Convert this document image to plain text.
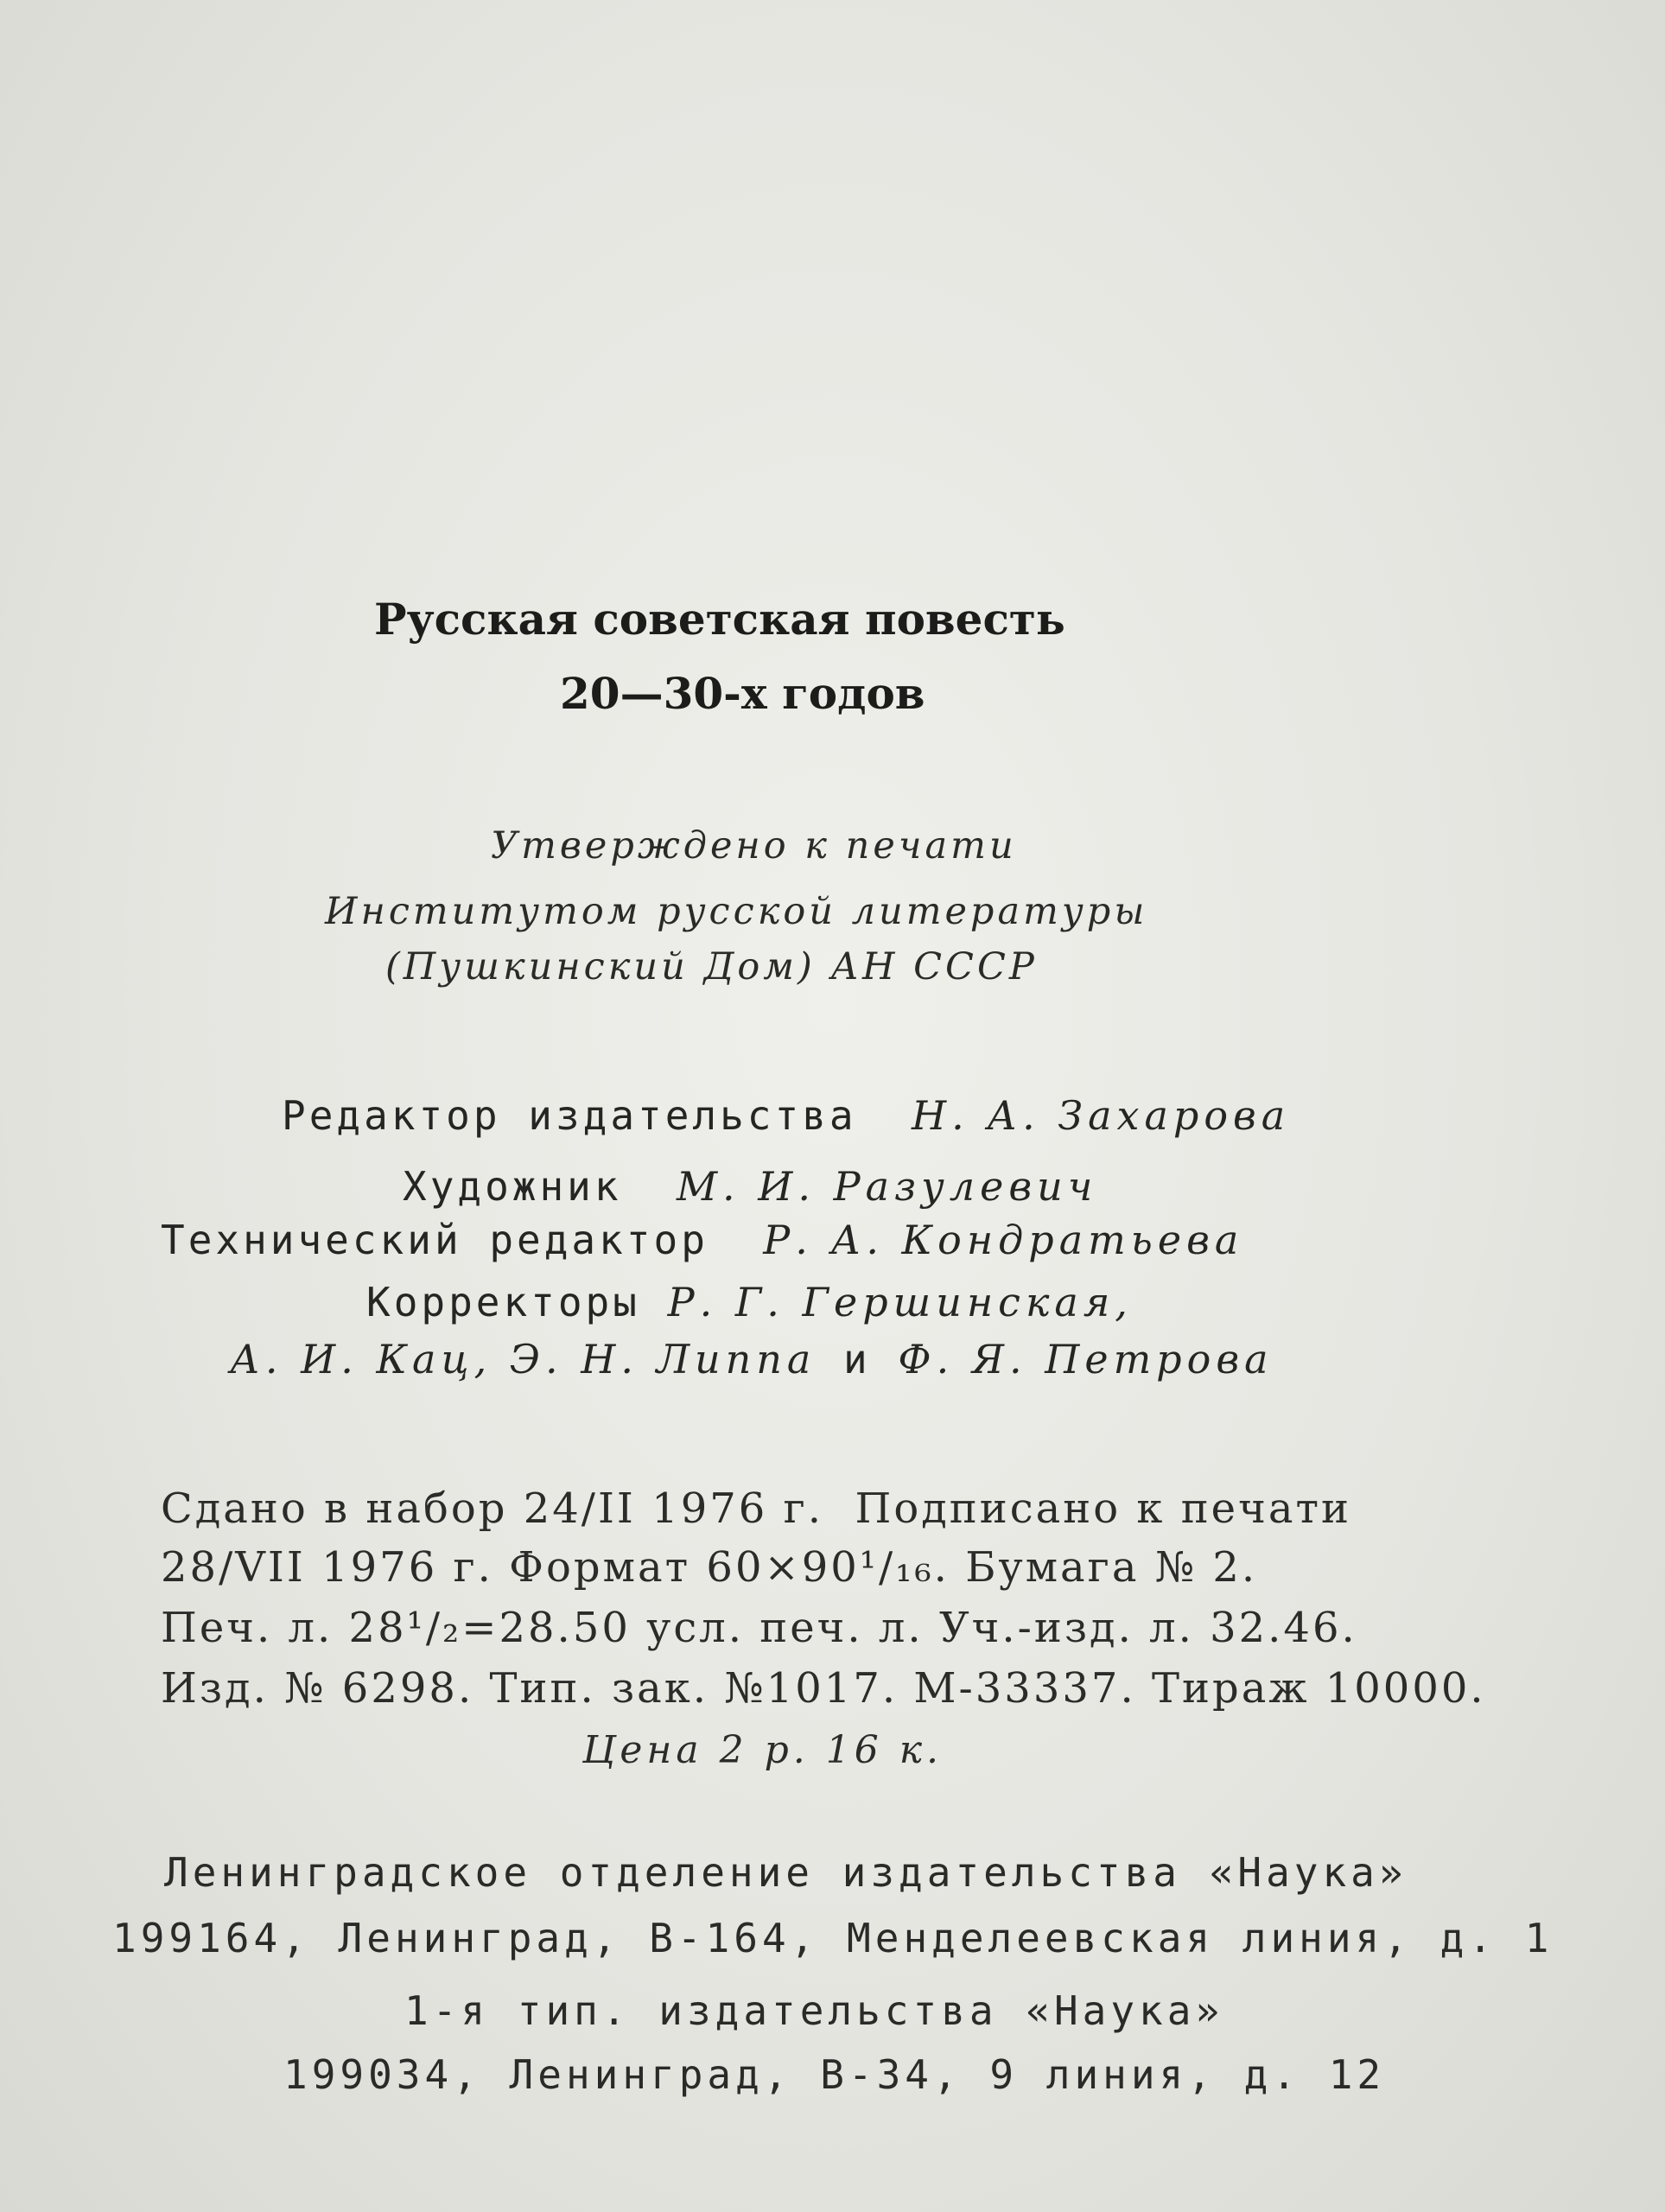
Русская советская повесть
20—30-х годов
Утверждено к печати
Институтом русской литературы
(Пушкинский Дом) АН СССР
Редактор издательства Н. А. Захарова
Художник М. И. Разулевич
Технический редактор Р. А. Кондратьева
Корректоры Р. Г. Гершинская,
А. И. Кац, Э. Н. Липпа и Ф. Я. Петрова
Сдано в набор 24/II 1976 г.  Подписано к печати
28/VII 1976 г. Формат 60×90¹/₁₆. Бумага № 2.
Печ. л. 28¹/₂=28.50 усл. печ. л. Уч.-изд. л. 32.46.
Изд. № 6298. Тип. зак. №1017. М-33337. Тираж 10000.
Цена 2 р. 16 к.
Ленинградское отделение издательства «Наука»
199164, Ленинград, В-164, Менделеевская линия, д. 1
1-я тип. издательства «Наука»
199034, Ленинград, В-34, 9 линия, д. 12
